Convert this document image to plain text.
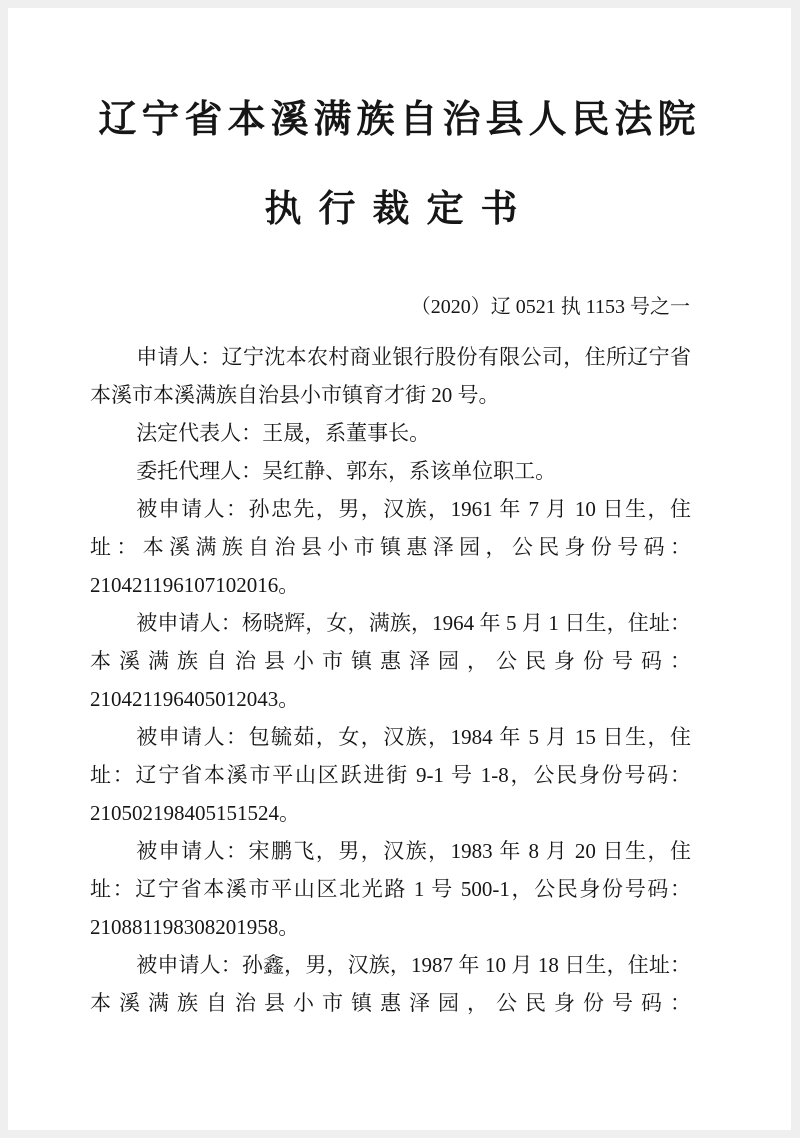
辽宁省本溪满族自治县人民法院
执行裁定书
（2020）辽 0521 执 1153 号之一

申请人：辽宁沈本农村商业银行股份有限公司，住所辽宁省本溪市本溪满族自治县小市镇育才街 20 号。

法定代表人：王晟，系董事长。

委托代理人：吴红静、郭东，系该单位职工。

被申请人：孙忠先，男，汉族，1961 年 7 月 10 日生，住址：本溪满族自治县小市镇惠泽园，公民身份号码：210421196107102016。

被申请人：杨晓辉，女，满族，1964 年 5 月 1 日生，住址：本溪满族自治县小市镇惠泽园，公民身份号码：210421196405012043。

被申请人：包毓茹，女，汉族，1984 年 5 月 15 日生，住址：辽宁省本溪市平山区跃进街 9-1 号 1-8，公民身份号码：210502198405151524。

被申请人：宋鹏飞，男，汉族，1983 年 8 月 20 日生，住址：辽宁省本溪市平山区北光路 1 号 500-1，公民身份号码：210881198308201958。

被申请人：孙鑫，男，汉族，1987 年 10 月 18 日生，住址：本溪满族自治县小市镇惠泽园，公民身份号码：
